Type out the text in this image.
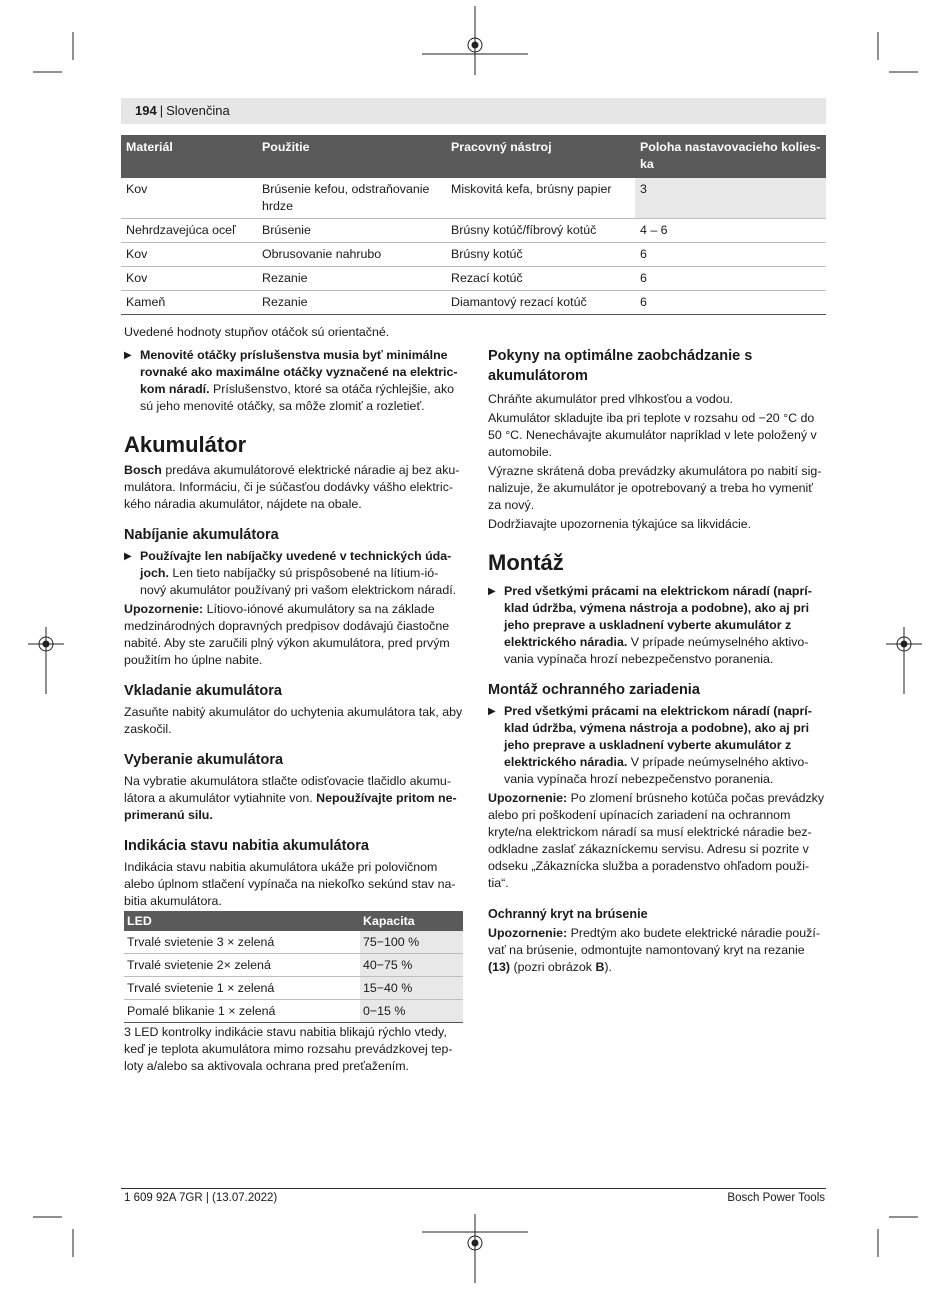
194 | Slovenčina
Materiál	Použitie	Pracovný nástroj	Poloha nastavovacieho kolies-ka
Kov	Brúsenie kefou, odstraňovanie hrdze	Miskovitá kefa, brúsny papier	3
Nehrdzavejúca oceľ	Brúsenie	Brúsny kotúč/fíbrový kotúč	4 – 6
Kov	Obrusovanie nahrubo	Brúsny kotúč	6
Kov	Rezanie	Rezací kotúč	6
Kameň	Rezanie	Diamantový rezací kotúč	6

Uvedené hodnoty stupňov otáčok sú orientačné.

▶ Menovité otáčky príslušenstva musia byť minimálne rovnaké ako maximálne otáčky vyznačené na elektric-kom náradí. Príslušenstvo, ktoré sa otáča rýchlejšie, ako sú jeho menovité otáčky, sa môže zlomiť a rozletieť.
Akumulátor

Bosch predáva akumulátorové elektrické náradie aj bez aku-mulátora. Informáciu, či je súčasťou dodávky vášho elektric-kého náradia akumulátor, nájdete na obale.

Nabíjanie akumulátora
▶ Používajte len nabíjačky uvedené v technických úda-joch. Len tieto nabíjačky sú prispôsobené na lítium-ió-nový akumulátor používaný pri vašom elektrickom náradí.

Upozornenie: Lítiovo-iónové akumulátory sa na základe medzinárodných dopravných predpisov dodávajú čiastočne nabité. Aby ste zaručili plný výkon akumulátora, pred prvým použitím ho úplne nabite.

Vkladanie akumulátora

Zasuňte nabitý akumulátor do uchytenia akumulátora tak, aby zaskočil.

Vyberanie akumulátora

Na vybratie akumulátora stlačte odisťovacie tlačidlo akumu-látora a akumulátor vytiahnite von. Nepoužívajte pritom ne-primeranú silu.

Indikácia stavu nabitia akumulátora

Indikácia stavu nabitia akumulátora ukáže pri polovičnom alebo úplnom stlačení vypínača na niekoľko sekúnd stav na-bitia akumulátora.

LED	Kapacita
Trvalé svietenie 3 × zelená	75−100 %
Trvalé svietenie 2× zelená	40−75 %
Trvalé svietenie 1 × zelená	15−40 %
Pomalé blikanie 1 × zelená	0−15 %

3 LED kontrolky indikácie stavu nabitia blikajú rýchlo vtedy, keď je teplota akumulátora mimo rozsahu prevádzkovej tep-loty a/alebo sa aktivovala ochrana pred preťažením.

Pokyny na optimálne zaobchádzanie s akumulátorom

Chráňte akumulátor pred vlhkosťou a vodou.

Akumulátor skladujte iba pri teplote v rozsahu od −20 °C do 50 °C. Nenechávajte akumulátor napríklad v lete položený v automobile.

Výrazne skrátená doba prevádzky akumulátora po nabití sig-nalizuje, že akumulátor je opotrebovaný a treba ho vymeniť za nový.

Dodržiavajte upozornenia týkajúce sa likvidácie.

Montáž
▶ Pred všetkými prácami na elektrickom náradí (naprí-klad údržba, výmena nástroja a podobne), ako aj pri jeho preprave a uskladnení vyberte akumulátor z elektrického náradia. V prípade neúmyselného aktivo-vania vypínača hrozí nebezpečenstvo poranenia.
Montáž ochranného zariadenia
▶ Pred všetkými prácami na elektrickom náradí (naprí-klad údržba, výmena nástroja a podobne), ako aj pri jeho preprave a uskladnení vyberte akumulátor z elektrického náradia. V prípade neúmyselného aktivo-vania vypínača hrozí nebezpečenstvo poranenia.

Upozornenie: Po zlomení brúsneho kotúča počas prevádzky alebo pri poškodení upínacích zariadení na ochrannom kryte/na elektrickom náradí sa musí elektrické náradie bez-odkladne zaslať zákazníckemu servisu. Adresu si pozrite v odseku „Zákaznícka služba a poradenstvo ohľadom použi-tia“.

Ochranný kryt na brúsenie

Upozornenie: Predtým ako budete elektrické náradie použí-vať na brúsenie, odmontujte namontovaný kryt na rezanie (13) (pozri obrázok B).

1 609 92A 7GR | (13.07.2022)	Bosch Power Tools
